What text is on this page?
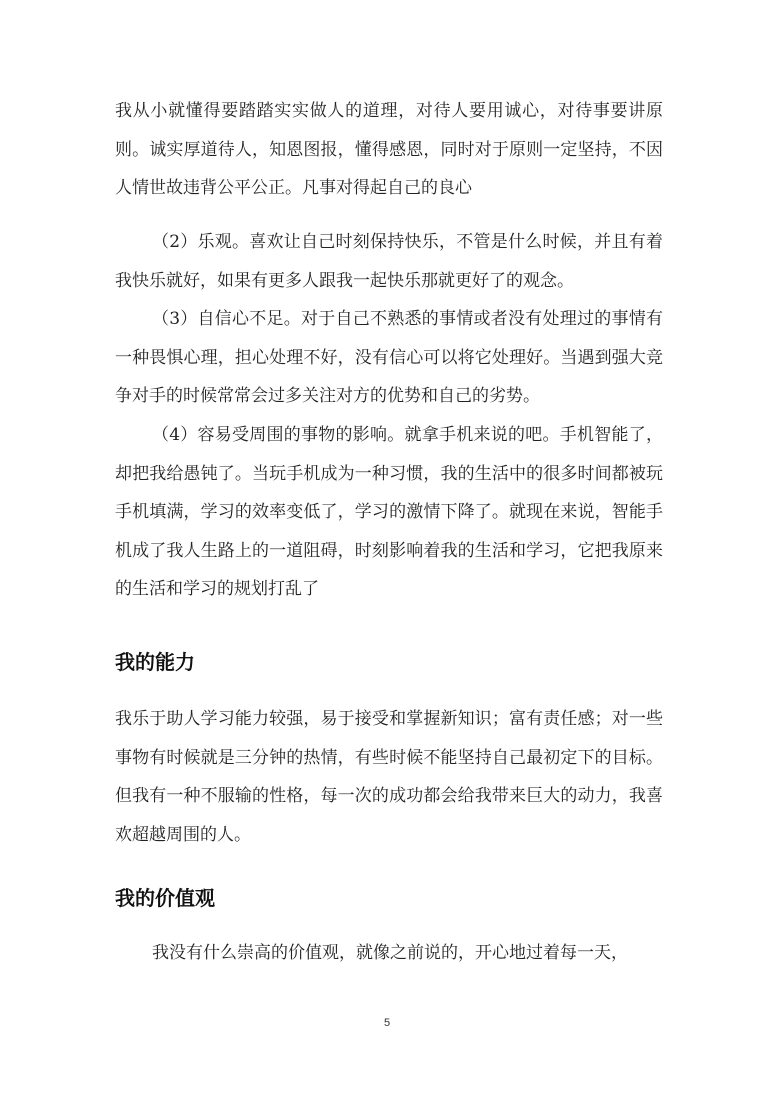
我从小就懂得要踏踏实实做人的道理，对待人要用诚心，对待事要讲原则。诚实厚道待人，知恩图报，懂得感恩，同时对于原则一定坚持，不因人情世故违背公平公正。凡事对得起自己的良心

（2）乐观。喜欢让自己时刻保持快乐，不管是什么时候，并且有着我快乐就好，如果有更多人跟我一起快乐那就更好了的观念。

（3）自信心不足。对于自己不熟悉的事情或者没有处理过的事情有一种畏惧心理，担心处理不好，没有信心可以将它处理好。当遇到强大竞争对手的时候常常会过多关注对方的优势和自己的劣势。

（4）容易受周围的事物的影响。就拿手机来说的吧。手机智能了，却把我给愚钝了。当玩手机成为一种习惯，我的生活中的很多时间都被玩手机填满，学习的效率变低了，学习的激情下降了。就现在来说，智能手机成了我人生路上的一道阻碍，时刻影响着我的生活和学习，它把我原来的生活和学习的规划打乱了

我的能力

我乐于助人学习能力较强，易于接受和掌握新知识；富有责任感；对一些事物有时候就是三分钟的热情，有些时候不能坚持自己最初定下的目标。但我有一种不服输的性格，每一次的成功都会给我带来巨大的动力，我喜欢超越周围的人。

我的价值观

我没有什么崇高的价值观，就像之前说的，开心地过着每一天，

5
